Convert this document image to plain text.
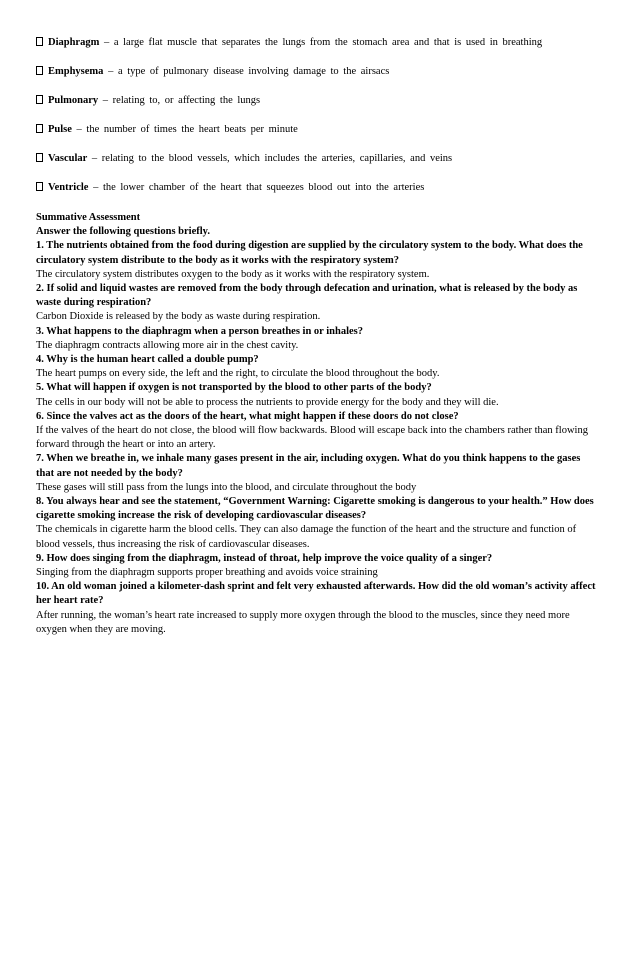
Diaphragm – a large flat muscle that separates the lungs from the stomach area and that is used in breathing
Emphysema – a type of pulmonary disease involving damage to the airsacs
Pulmonary – relating to, or affecting the lungs
Pulse – the number of times the heart beats per minute
Vascular – relating to the blood vessels, which includes the arteries, capillaries, and veins
Ventricle – the lower chamber of the heart that squeezes blood out into the arteries

Summative Assessment

Answer the following questions briefly.

1. The nutrients obtained from the food during digestion are supplied by the circulatory system to the body. What does the circulatory system distribute to the body as it works with the respiratory system?

The circulatory system distributes oxygen to the body as it works with the respiratory system.

2. If solid and liquid wastes are removed from the body through defecation and urination, what is released by the body as waste during respiration?

Carbon Dioxide is released by the body as waste during respiration.

3. What happens to the diaphragm when a person breathes in or inhales?

The diaphragm contracts allowing more air in the chest cavity.

4. Why is the human heart called a double pump?

The heart pumps on every side, the left and the right, to circulate the blood throughout the body.

5. What will happen if oxygen is not transported by the blood to other parts of the body?

The cells in our body will not be able to process the nutrients to provide energy for the body and they will die.

6. Since the valves act as the doors of the heart, what might happen if these doors do not close?

If the valves of the heart do not close, the blood will flow backwards. Blood will escape back into the chambers rather than flowing forward through the heart or into an artery.

7. When we breathe in, we inhale many gases present in the air, including oxygen. What do you think happens to the gases that are not needed by the body?

These gases will still pass from the lungs into the blood, and circulate throughout the body

8. You always hear and see the statement, “Government Warning: Cigarette smoking is dangerous to your health.” How does cigarette smoking increase the risk of developing cardiovascular diseases?

The chemicals in cigarette harm the blood cells. They can also damage the function of the heart and the structure and function of blood vessels, thus increasing the risk of cardiovascular diseases.

9. How does singing from the diaphragm, instead of throat, help improve the voice quality of a singer?

Singing from the diaphragm supports proper breathing and avoids voice straining

10. An old woman joined a kilometer-dash sprint and felt very exhausted afterwards. How did the old woman’s activity affect her heart rate?

After running, the woman’s heart rate increased to supply more oxygen through the blood to the muscles, since they need more oxygen when they are moving.
